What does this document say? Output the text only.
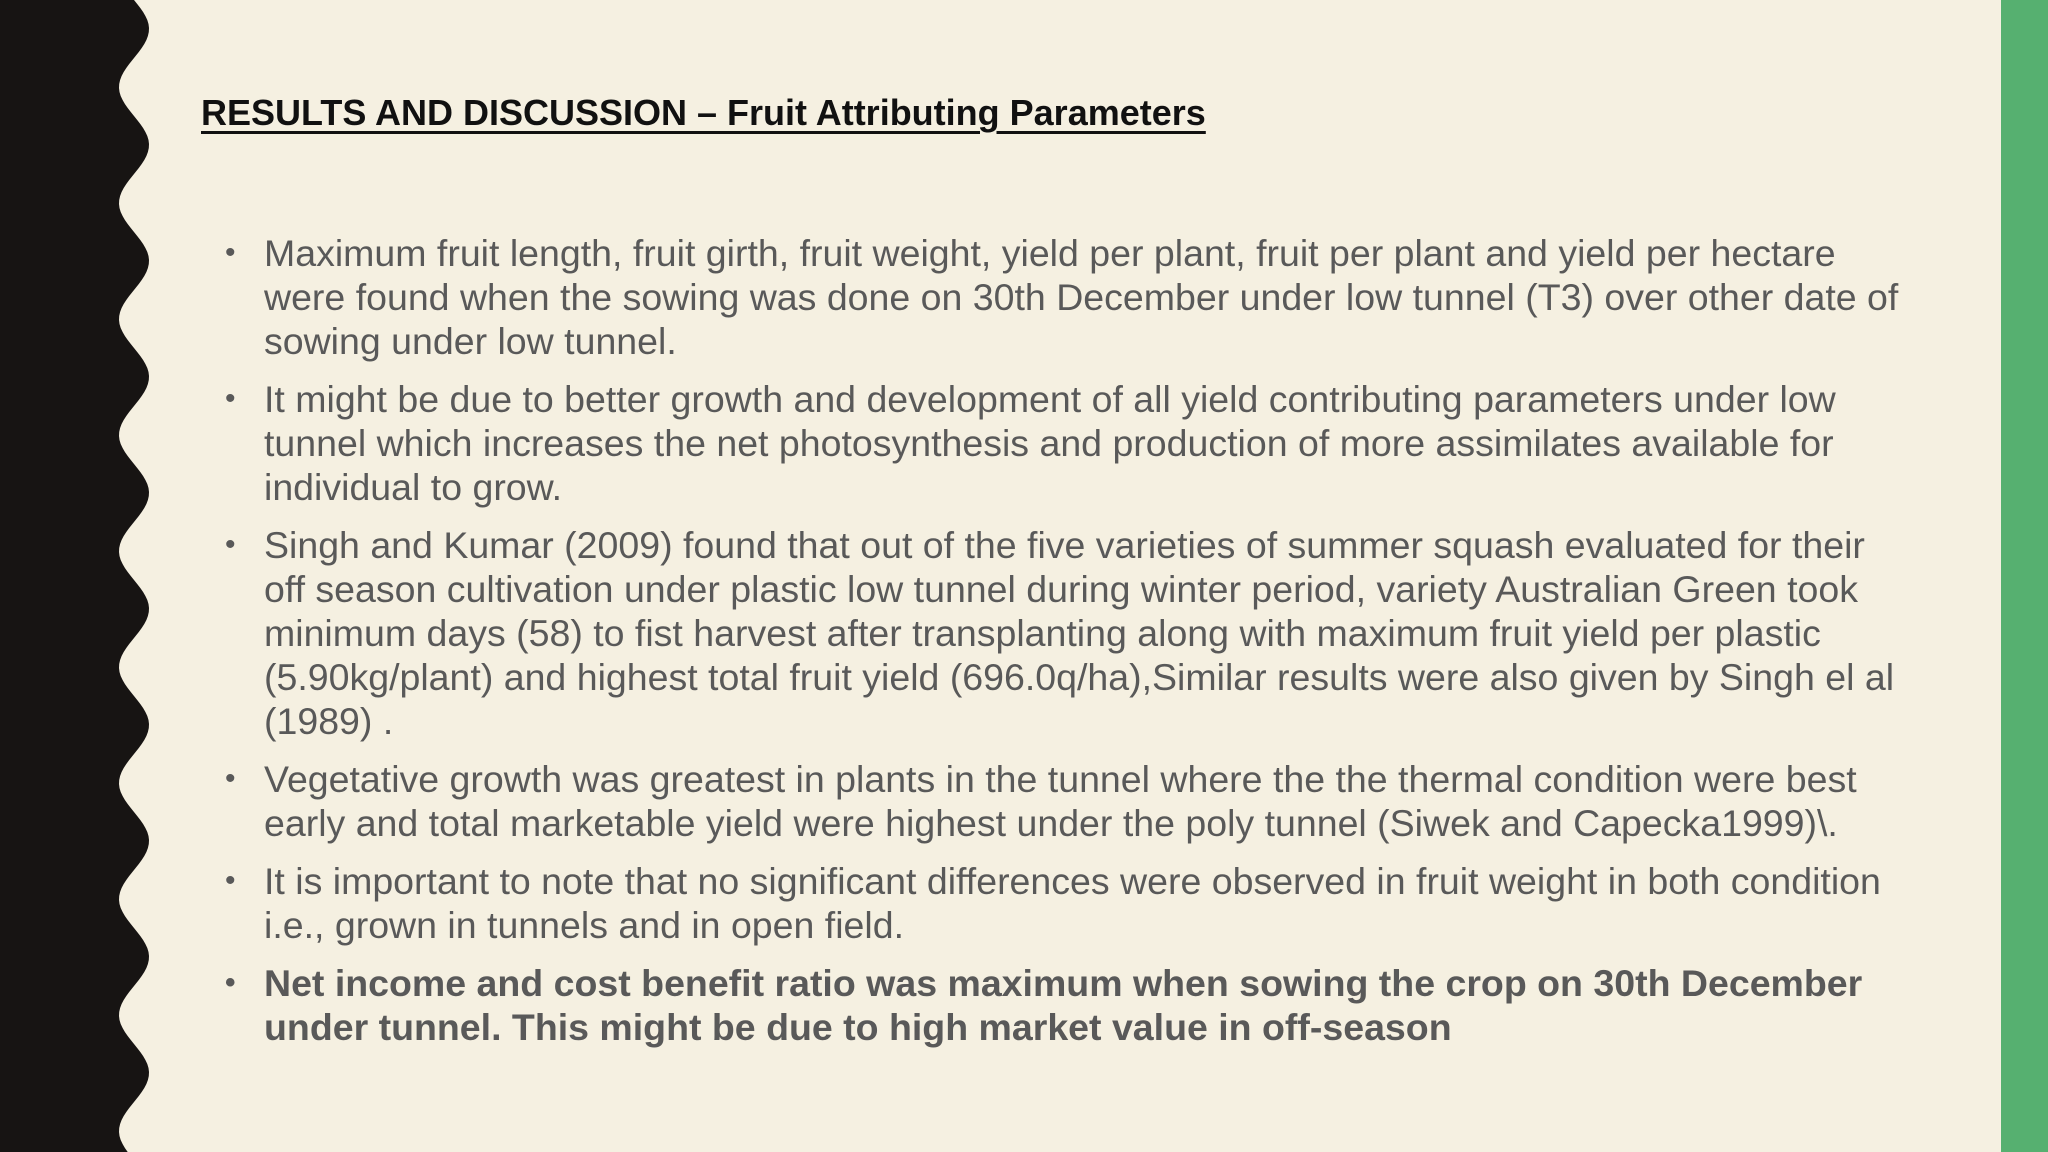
RESULTS AND DISCUSSION – Fruit Attributing Parameters
• Maximum fruit length, fruit girth, fruit weight, yield per plant, fruit per plant and yield per hectare were found when the sowing was done on 30th December under low tunnel (T3) over other date of sowing under low tunnel.
• It might be due to better growth and development of all yield contributing parameters under low tunnel which increases the net photosynthesis and production of more assimilates available for individual to grow.
• Singh and Kumar (2009) found that out of the five varieties of summer squash evaluated for their off season cultivation under plastic low tunnel during winter period, variety Australian Green took minimum days (58) to fist harvest after transplanting along with maximum fruit yield per plastic (5.90kg/plant) and highest total fruit yield (696.0q/ha),Similar results were also given by Singh el al (1989) .
• Vegetative growth was greatest in plants in the tunnel where the the thermal condition were best early and total marketable yield were highest under the poly tunnel (Siwek and Capecka1999)\.
• It is important to note that no significant differences were observed in fruit weight in both condition i.e., grown in tunnels and in open field.
• Net income and cost benefit ratio was maximum when sowing the crop on 30th December under tunnel. This might be due to high market value in off-season
